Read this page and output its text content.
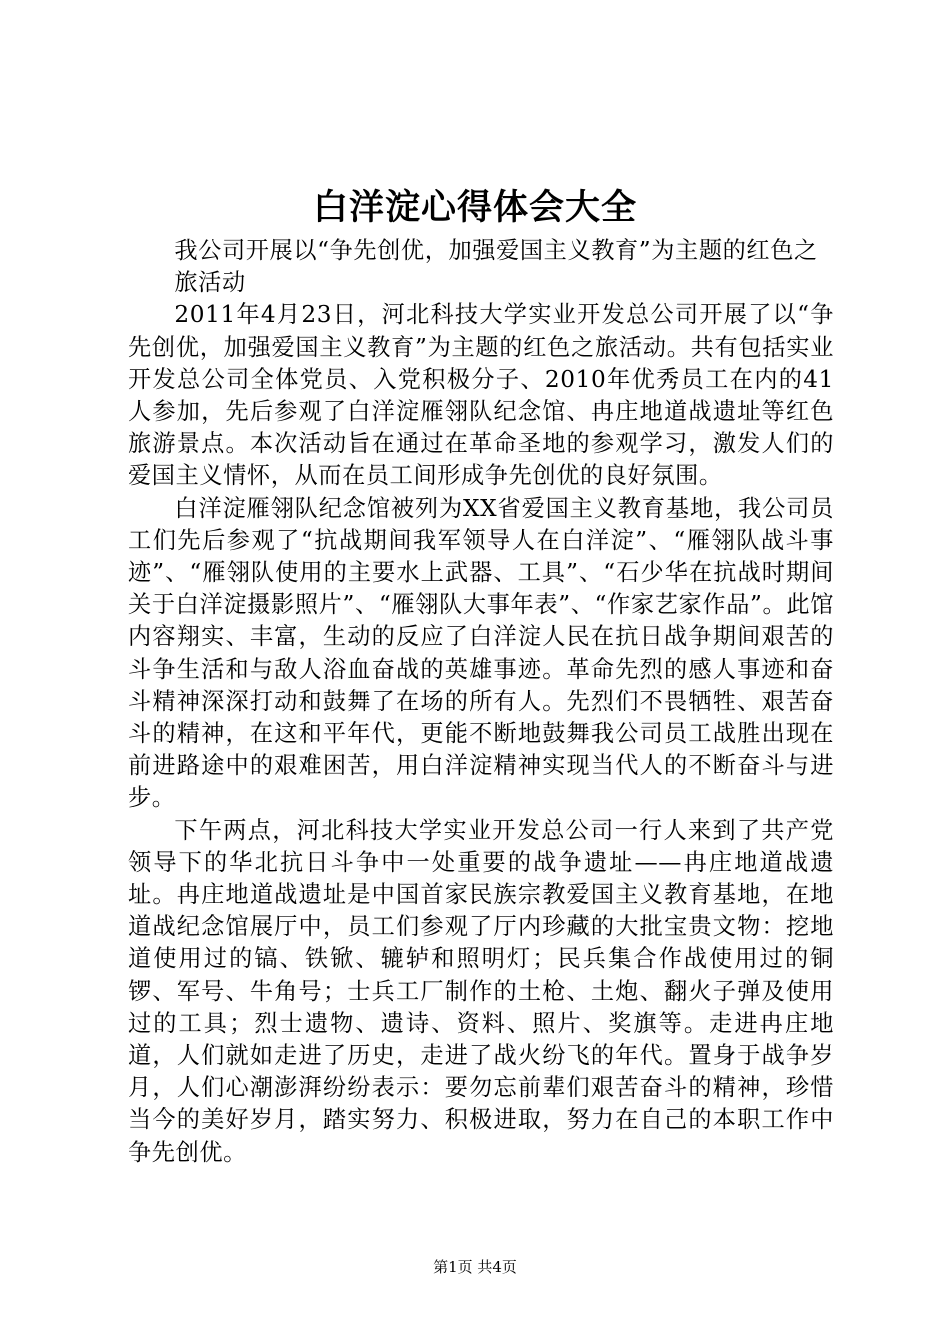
白洋淀心得体会大全

我公司开展以“争先创优，加强爱国主义教育”为主题的红色之

旅活动

2011年4月23日，河北科技大学实业开发总公司开展了以“争先创优，加强爱国主义教育”为主题的红色之旅活动。共有包括实业开发总公司全体党员、入党积极分子、2010年优秀员工在内的41人参加，先后参观了白洋淀雁翎队纪念馆、冉庄地道战遗址等红色旅游景点。本次活动旨在通过在革命圣地的参观学习，激发人们的爱国主义情怀，从而在员工间形成争先创优的良好氛围。

白洋淀雁翎队纪念馆被列为XX省爱国主义教育基地，我公司员工们先后参观了“抗战期间我军领导人在白洋淀”、“雁翎队战斗事迹”、“雁翎队使用的主要水上武器、工具”、“石少华在抗战时期间关于白洋淀摄影照片”、“雁翎队大事年表”、“作家艺家作品”。此馆内容翔实、丰富，生动的反应了白洋淀人民在抗日战争期间艰苦的斗争生活和与敌人浴血奋战的英雄事迹。革命先烈的感人事迹和奋斗精神深深打动和鼓舞了在场的所有人。先烈们不畏牺牲、艰苦奋斗的精神，在这和平年代，更能不断地鼓舞我公司员工战胜出现在前进路途中的艰难困苦，用白洋淀精神实现当代人的不断奋斗与进步。

下午两点，河北科技大学实业开发总公司一行人来到了共产党领导下的华北抗日斗争中一处重要的战争遗址——冉庄地道战遗址。冉庄地道战遗址是中国首家民族宗教爱国主义教育基地，在地道战纪念馆展厅中，员工们参观了厅内珍藏的大批宝贵文物：挖地道使用过的镐、铁锨、辘轳和照明灯；民兵集合作战使用过的铜锣、军号、牛角号；士兵工厂制作的土枪、土炮、翻火子弹及使用过的工具；烈士遗物、遗诗、资料、照片、奖旗等。走进冉庄地道，人们就如走进了历史，走进了战火纷飞的年代。置身于战争岁月，人们心潮澎湃纷纷表示：要勿忘前辈们艰苦奋斗的精神，珍惜当今的美好岁月，踏实努力、积极进取，努力在自己的本职工作中争先创优。

第1页 共4页
